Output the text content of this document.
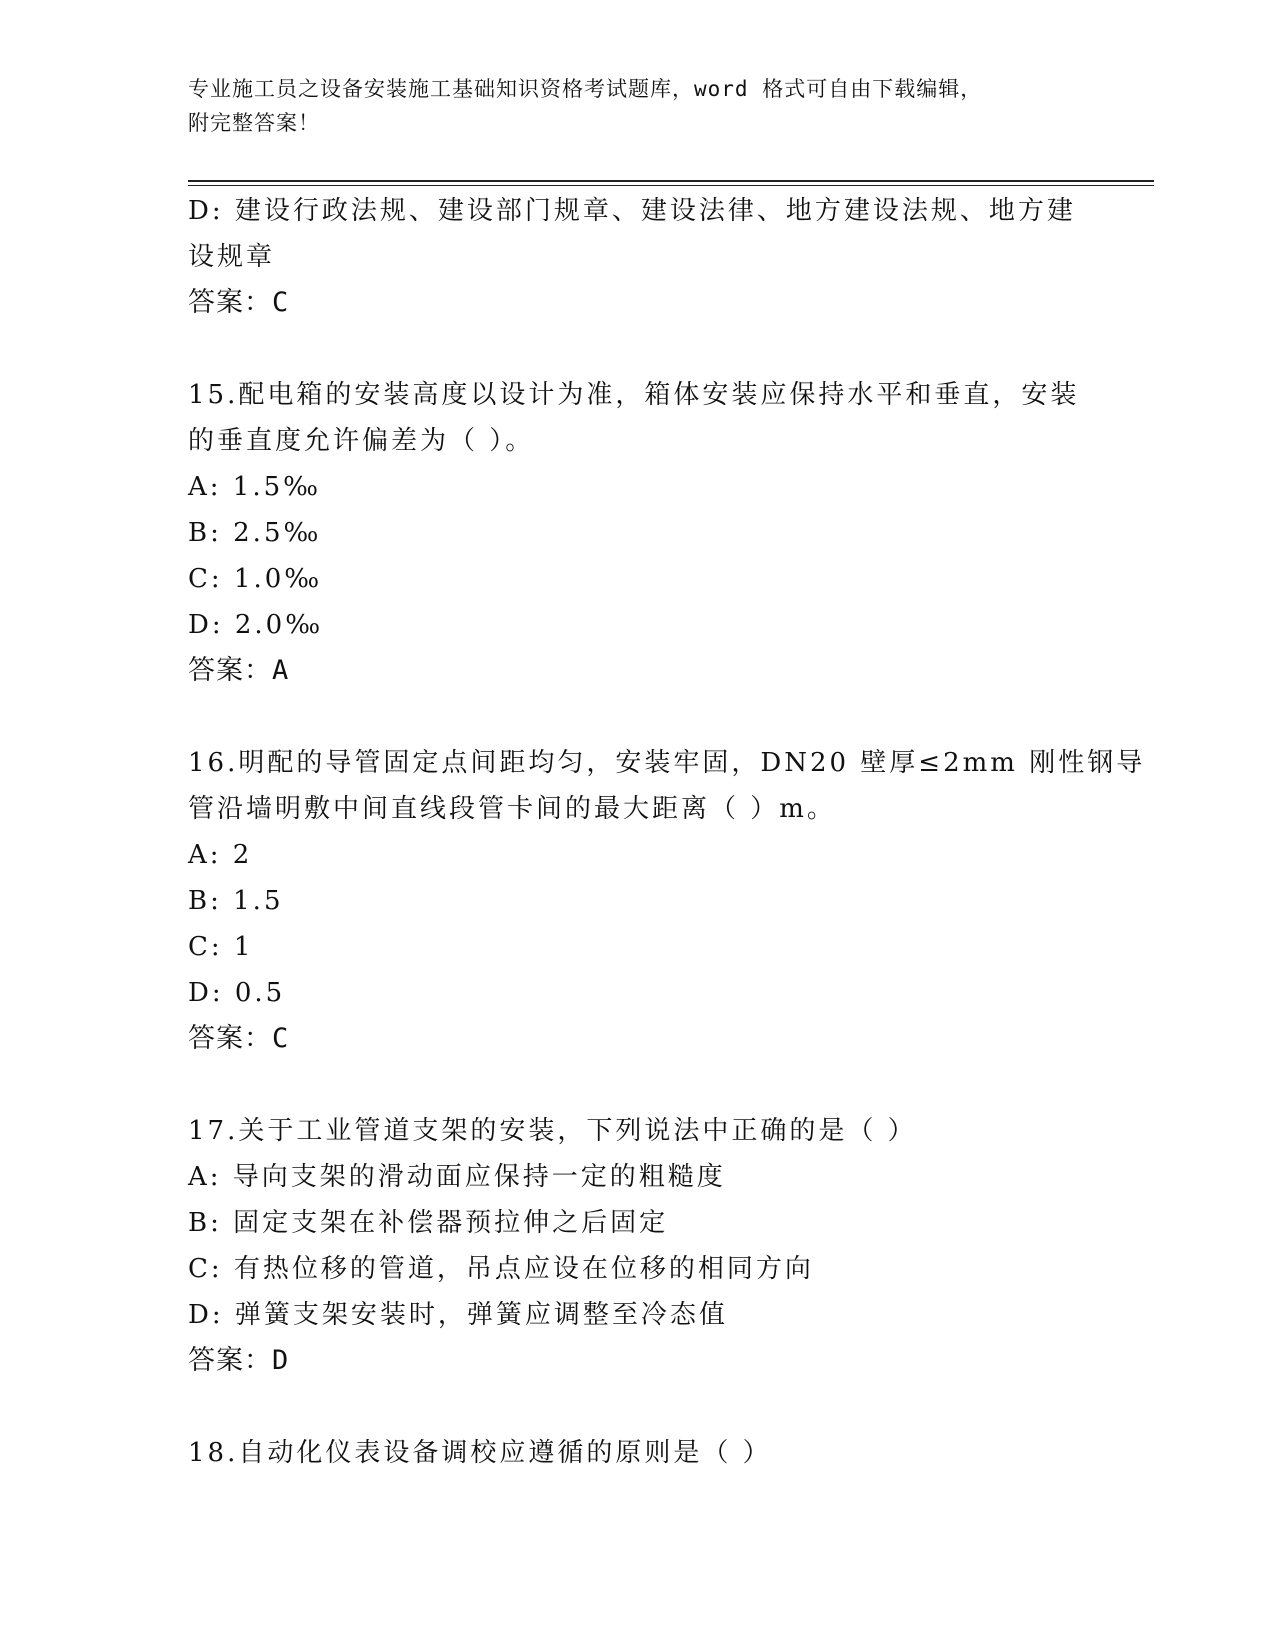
专业施工员之设备安装施工基础知识资格考试题库，word 格式可自由下载编辑，
附完整答案！
D: 建设行政法规、建设部门规章、建设法律、地方建设法规、地方建
设规章
答案：C
15.配电箱的安装高度以设计为准，箱体安装应保持水平和垂直，安装
的垂直度允许偏差为（ ）。
A: 1.5‰
B: 2.5‰
C: 1.0‰
D: 2.0‰
答案：A
16.明配的导管固定点间距均匀，安装牢固，DN20 壁厚≤2mm 刚性钢导
管沿墙明敷中间直线段管卡间的最大距离（ ）m。
A: 2
B: 1.5
C: 1
D: 0.5
答案：C
17.关于工业管道支架的安装，下列说法中正确的是（ ）
A: 导向支架的滑动面应保持一定的粗糙度
B: 固定支架在补偿器预拉伸之后固定
C: 有热位移的管道，吊点应设在位移的相同方向
D: 弹簧支架安装时，弹簧应调整至冷态值
答案：D
18.自动化仪表设备调校应遵循的原则是（ ）
